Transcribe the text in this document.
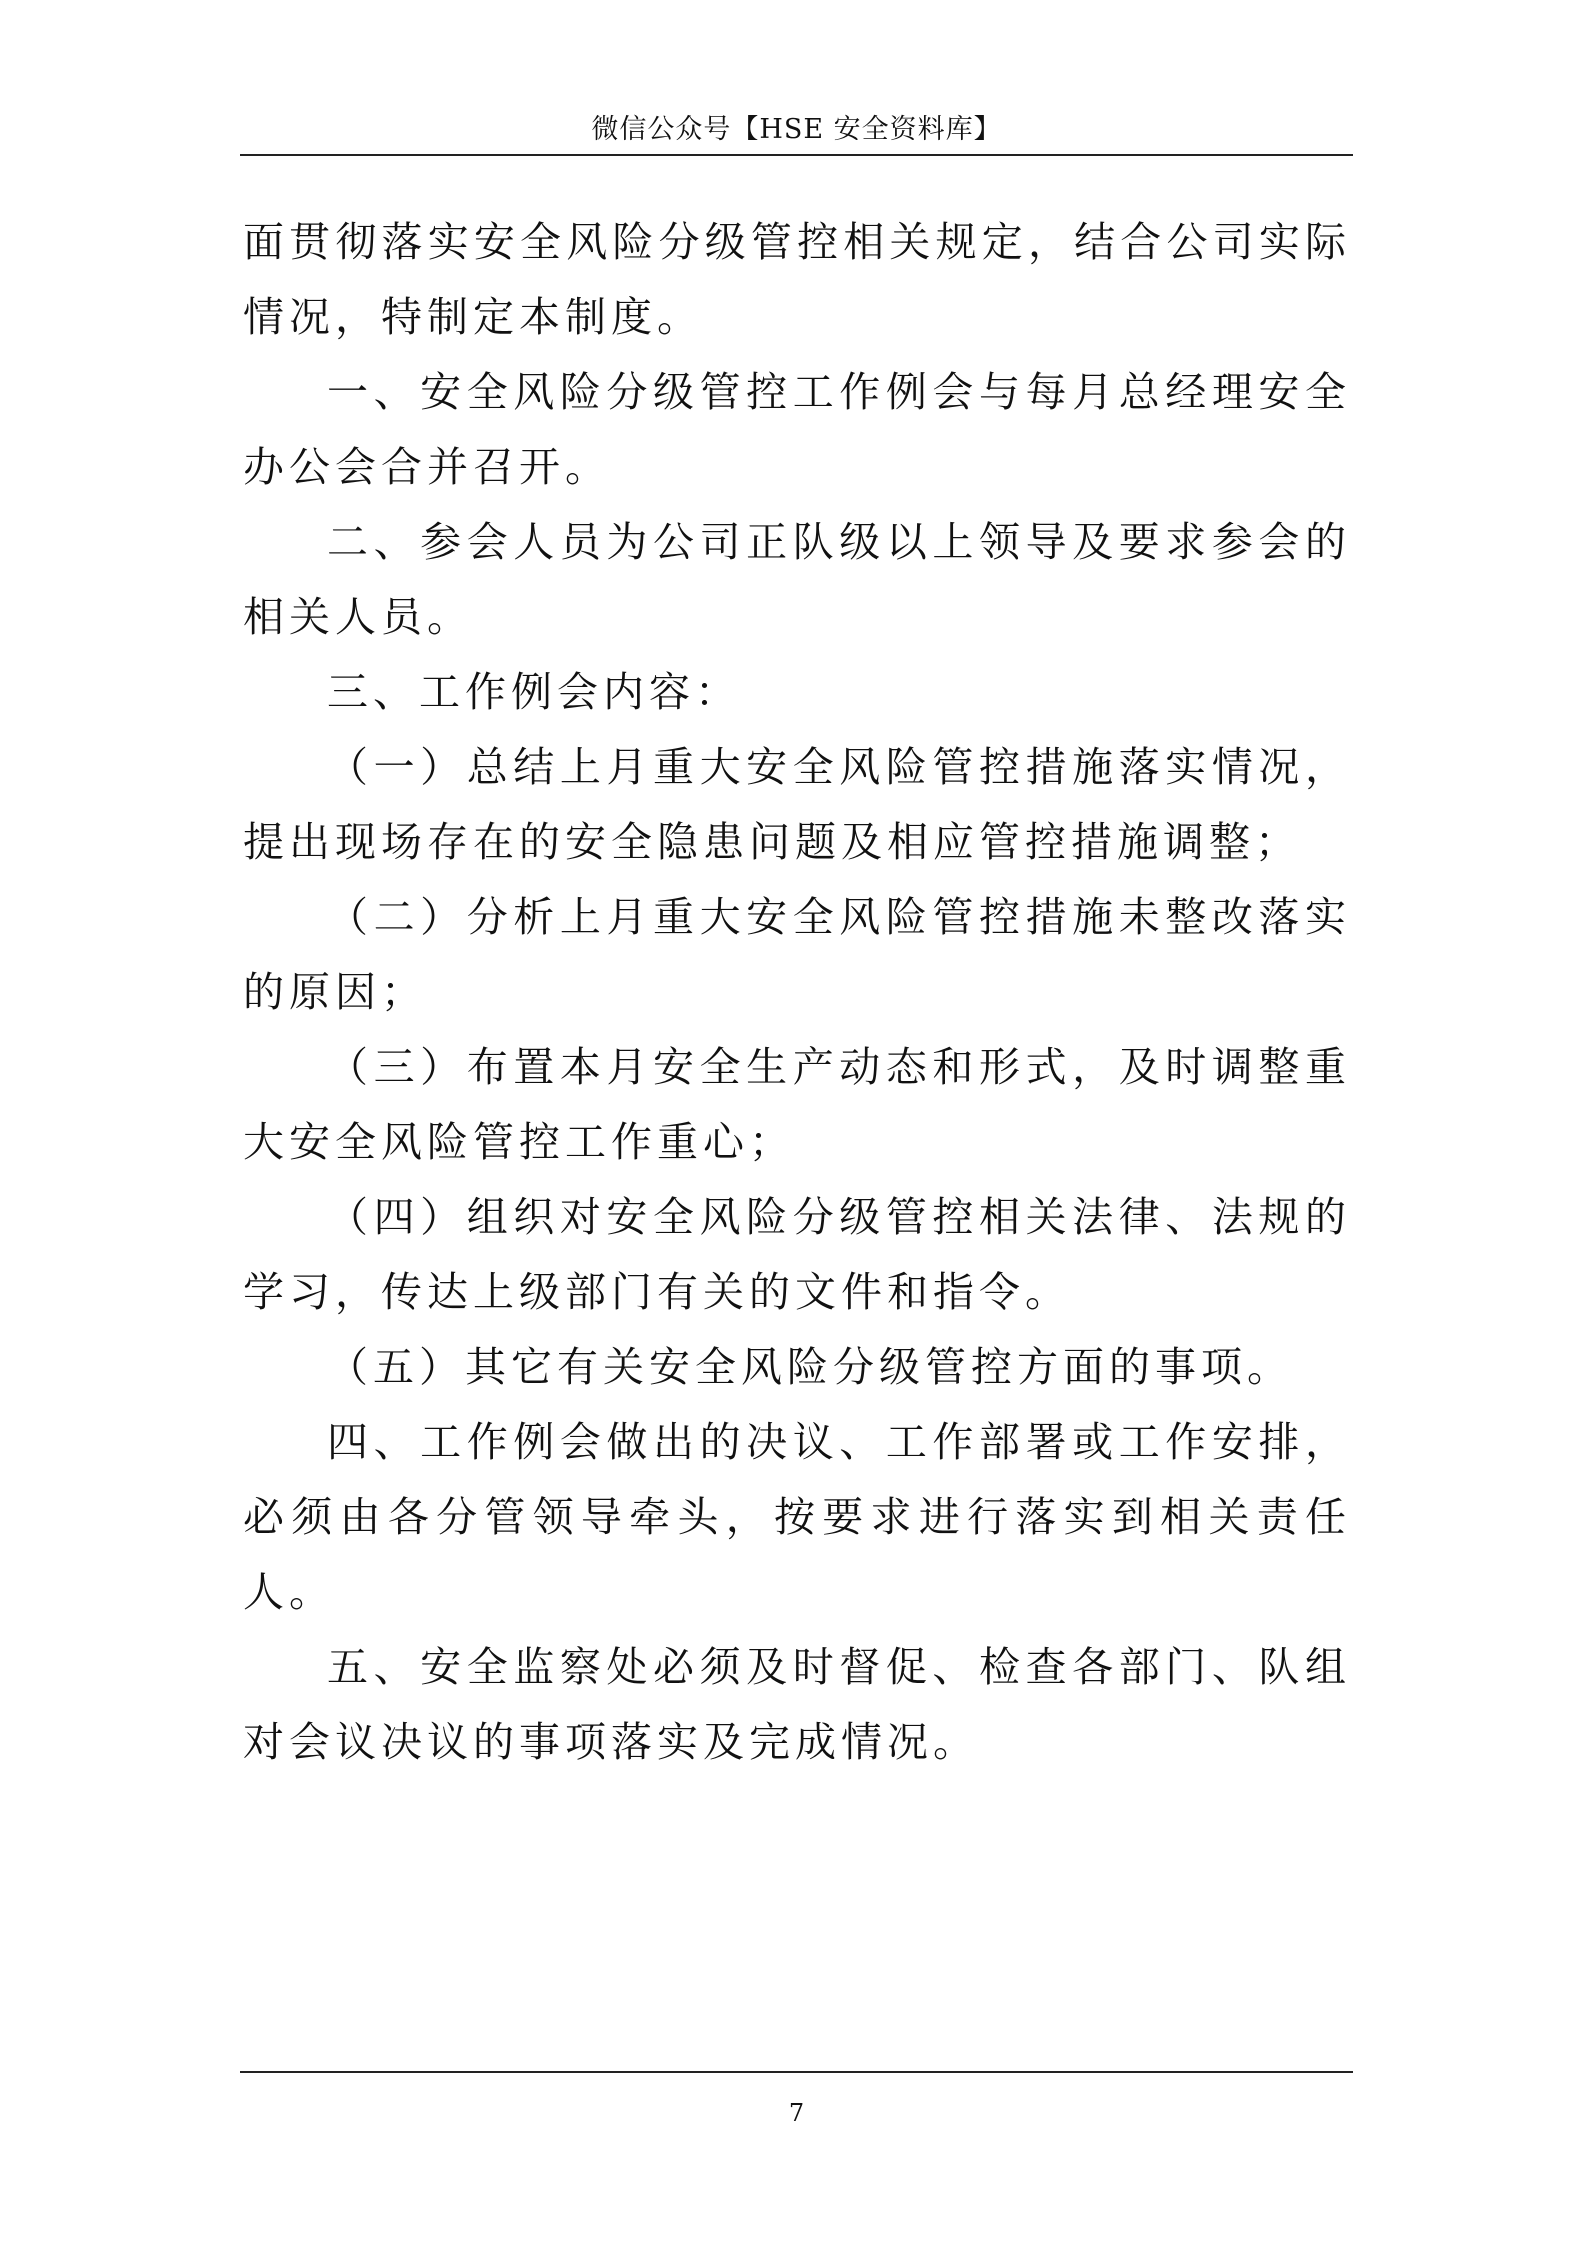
微信公众号【HSE 安全资料库】

面贯彻落实安全风险分级管控相关规定，结合公司实际情况，特制定本制度。

一、安全风险分级管控工作例会与每月总经理安全办公会合并召开。

二、参会人员为公司正队级以上领导及要求参会的相关人员。

三、工作例会内容：

（一）总结上月重大安全风险管控措施落实情况，提出现场存在的安全隐患问题及相应管控措施调整；

（二）分析上月重大安全风险管控措施未整改落实的原因；

（三）布置本月安全生产动态和形式，及时调整重大安全风险管控工作重心；

（四）组织对安全风险分级管控相关法律、法规的学习，传达上级部门有关的文件和指令。

（五）其它有关安全风险分级管控方面的事项。

四、工作例会做出的决议、工作部署或工作安排，必须由各分管领导牵头，按要求进行落实到相关责任人。

五、安全监察处必须及时督促、检查各部门、队组对会议决议的事项落实及完成情况。

7
